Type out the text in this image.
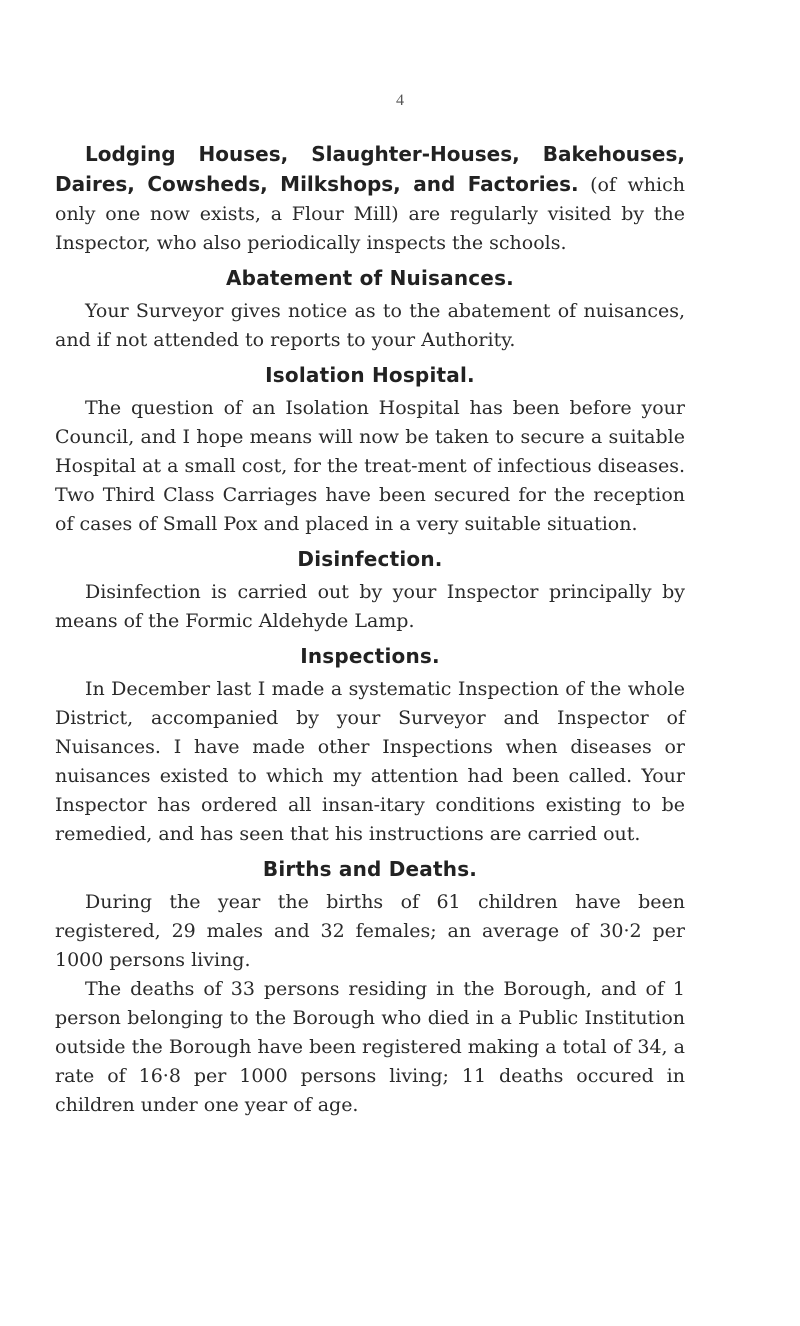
4

Lodging Houses, Slaughter-Houses, Bakehouses, Daires, Cowsheds, Milkshops, and Factories. (of which only one now exists, a Flour Mill) are regularly visited by the Inspector, who also periodically inspects the schools.

Abatement of Nuisances.

Your Surveyor gives notice as to the abatement of nuisances, and if not attended to reports to your Authority.

Isolation Hospital.

The question of an Isolation Hospital has been before your Council, and I hope means will now be taken to secure a suitable Hospital at a small cost, for the treat-ment of infectious diseases. Two Third Class Carriages have been secured for the reception of cases of Small Pox and placed in a very suitable situation.

Disinfection.

Disinfection is carried out by your Inspector principally by means of the Formic Aldehyde Lamp.

Inspections.

In December last I made a systematic Inspection of the whole District, accompanied by your Surveyor and Inspector of Nuisances. I have made other Inspections when diseases or nuisances existed to which my attention had been called. Your Inspector has ordered all insan-itary conditions existing to be remedied, and has seen that his instructions are carried out.

Births and Deaths.

During the year the births of 61 children have been registered, 29 males and 32 females; an average of 30·2 per 1000 persons living.

The deaths of 33 persons residing in the Borough, and of 1 person belonging to the Borough who died in a Public Institution outside the Borough have been registered making a total of 34, a rate of 16·8 per 1000 persons living; 11 deaths occured in children under one year of age.
